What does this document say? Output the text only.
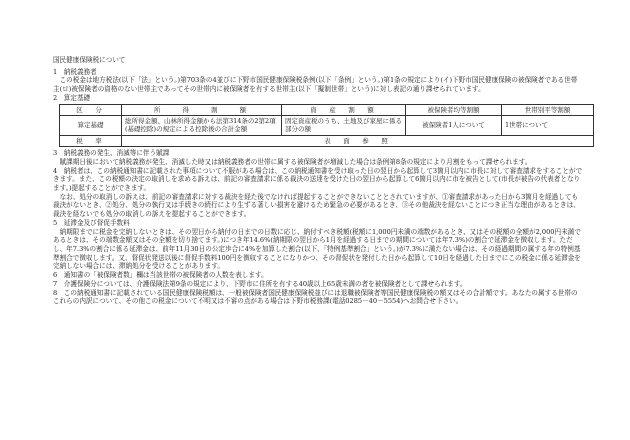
国民健康保険税について
1　納税義務者

この税金は地方税法(以下「法」という。)第703条の4並びに下野市国民健康保険税条例(以下「条例」という。)第1条の規定により(イ)下野市国民健康保険の被保険者である世帯主(ロ)被保険者の資格のない世帯主であってその世帯内に被保険者を有する世帯主(以下「擬制世帯」という)に対し表記の通り課せられています。

2　算定基礎
区　分	所　　得　　割　　額	資　産　割　額	被保険者均等割額	世帯別平等割額
算定基礎	総所得金額、山林所得金額から法第314条の2第2項(基礎控除)の規定による控除後の合計金額	固定資産税のうち、土地及び家屋に係る部分の額	被保険者1人について	1世帯について
税　率	表　面　参　照			
3　納税義務の発生、消滅等に伴う賦課

賦課期日後において納税義務が発生、消滅した時又は納税義務者の世帯に属する被保険者が増減した場合は条例第8条の規定により月割をもって課せられます。

4　 納税者は、この納税通知書に記載された事項について不服がある場合は、この納税通知書を受け取った日の翌日から起算して3箇月以内に市長に対して審査請求をすることができます。また、この税額の決定の取消しを求める訴えは、前記の審査請求に係る裁決の送達を受けた日の翌日から起算して6箇月以内に市を被告として(市長が被告の代表者となります。)提起することができます。

なお、処分の取消しの訴えは、前記の審査請求に対する裁決を経た後でなければ提起することができないこととされていますが、①審査請求があった日から3箇月を経過しても裁決がないとき、②処分、処分の執行又は手続きの続行により生ずる著しい損害を避けるため緊急の必要があるとき、③その他裁決を経ないことにつき正当な理由があるときは、裁決を経ないでも処分の取消しの訴えを提起することができます。

5　延滞金及び督促手数料

納期限までに税金を完納しないときは、その翌日から納付の日までの日数に応じ、納付すべき税額(税額に1,000円未満の端数があるとき、又はその税額の全額が2,000円未満であるときは、その端数金額又はその全額を切り捨てます。)につき年14.6%(納期限の翌日から1月を経過する日までの期間については年7.3%)の割合で延滞金を徴収します。ただし、年7.3%の割合に係る延滞金は、前年11月30日の公定歩合に4%を加算した割合(以下、「特例基準割合」という。)が7.3%に満たない場合は、その経過期間の属する年の特例基準割合で徴収します。又、督促状発送以後に督促手数料100円を徴収することになりかつ、その督促状を発付した日から起算して10日を経過した日までにこの税金に係る延滞金を完納しない場合には、滞納処分を受けることがあります。

6　通知書の「被保険者数」欄は当該世帯の被保険者の人数を表します。
7　介護保険分については、介護保険法第9条の規定により、下野市に住所を有する40歳以上65歳未満の者を被保険者として課せられます。

8　 この納税通知書に記載されている国民健康保険税額は、一般被保険者国民健康保険税並びには退職被保険者等国民健康保険税の額又はその合計額です。あなたの属する世帯のこれらの内訳について、その他この税金について不明又は不審の点がある場合は下野市税務課(電話0285－40－5554)へお問合せ下さい。
